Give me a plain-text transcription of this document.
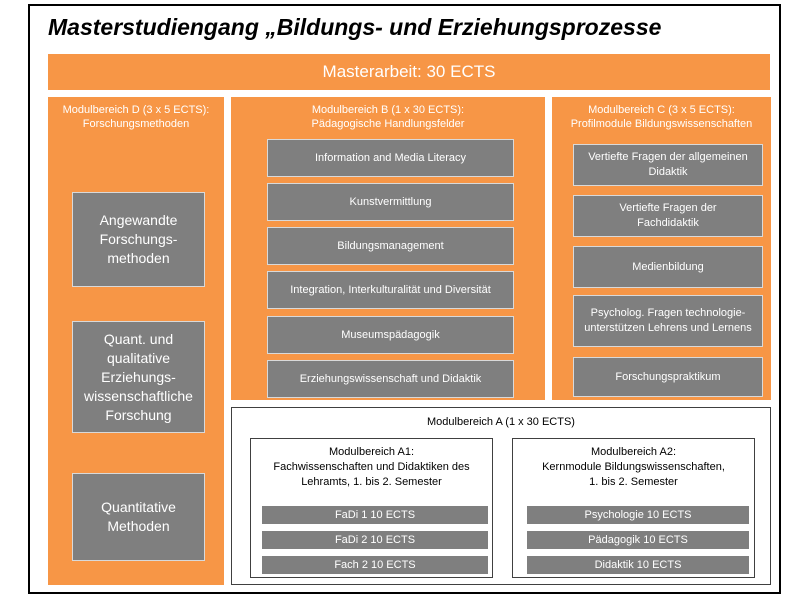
Masterstudiengang „Bildungs- und Erziehungsprozesse
Masterarbeit: 30 ECTS
Modulbereich D (3 x 5 ECTS):
Forschungsmethoden
Angewandte Forschungs-methoden
Quant. und qualitative Erziehungs-wissenschaftliche Forschung
Quantitative Methoden
Modulbereich B (1 x 30 ECTS):
Pädagogische Handlungsfelder
Information and Media Literacy
Kunstvermittlung
Bildungsmanagement
Integration, Interkulturalität und Diversität
Museumspädagogik
Erziehungswissenschaft und Didaktik
Modulbereich C (3 x 5 ECTS):
Profilmodule Bildungswissenschaften
Vertiefte Fragen der allgemeinen Didaktik
Vertiefte Fragen der Fachdidaktik
Medienbildung
Psycholog. Fragen technologie-unterstützen Lehrens und Lernens
Forschungspraktikum
Modulbereich A (1 x 30 ECTS)
Modulbereich A1:
Fachwissenschaften und Didaktiken des
Lehramts, 1. bis 2. Semester
FaDi 1 10 ECTS
FaDi 2 10 ECTS
Fach 2 10 ECTS
Modulbereich A2:
Kernmodule Bildungswissenschaften,
1. bis 2. Semester
Psychologie 10 ECTS
Pädagogik 10 ECTS
Didaktik 10 ECTS
